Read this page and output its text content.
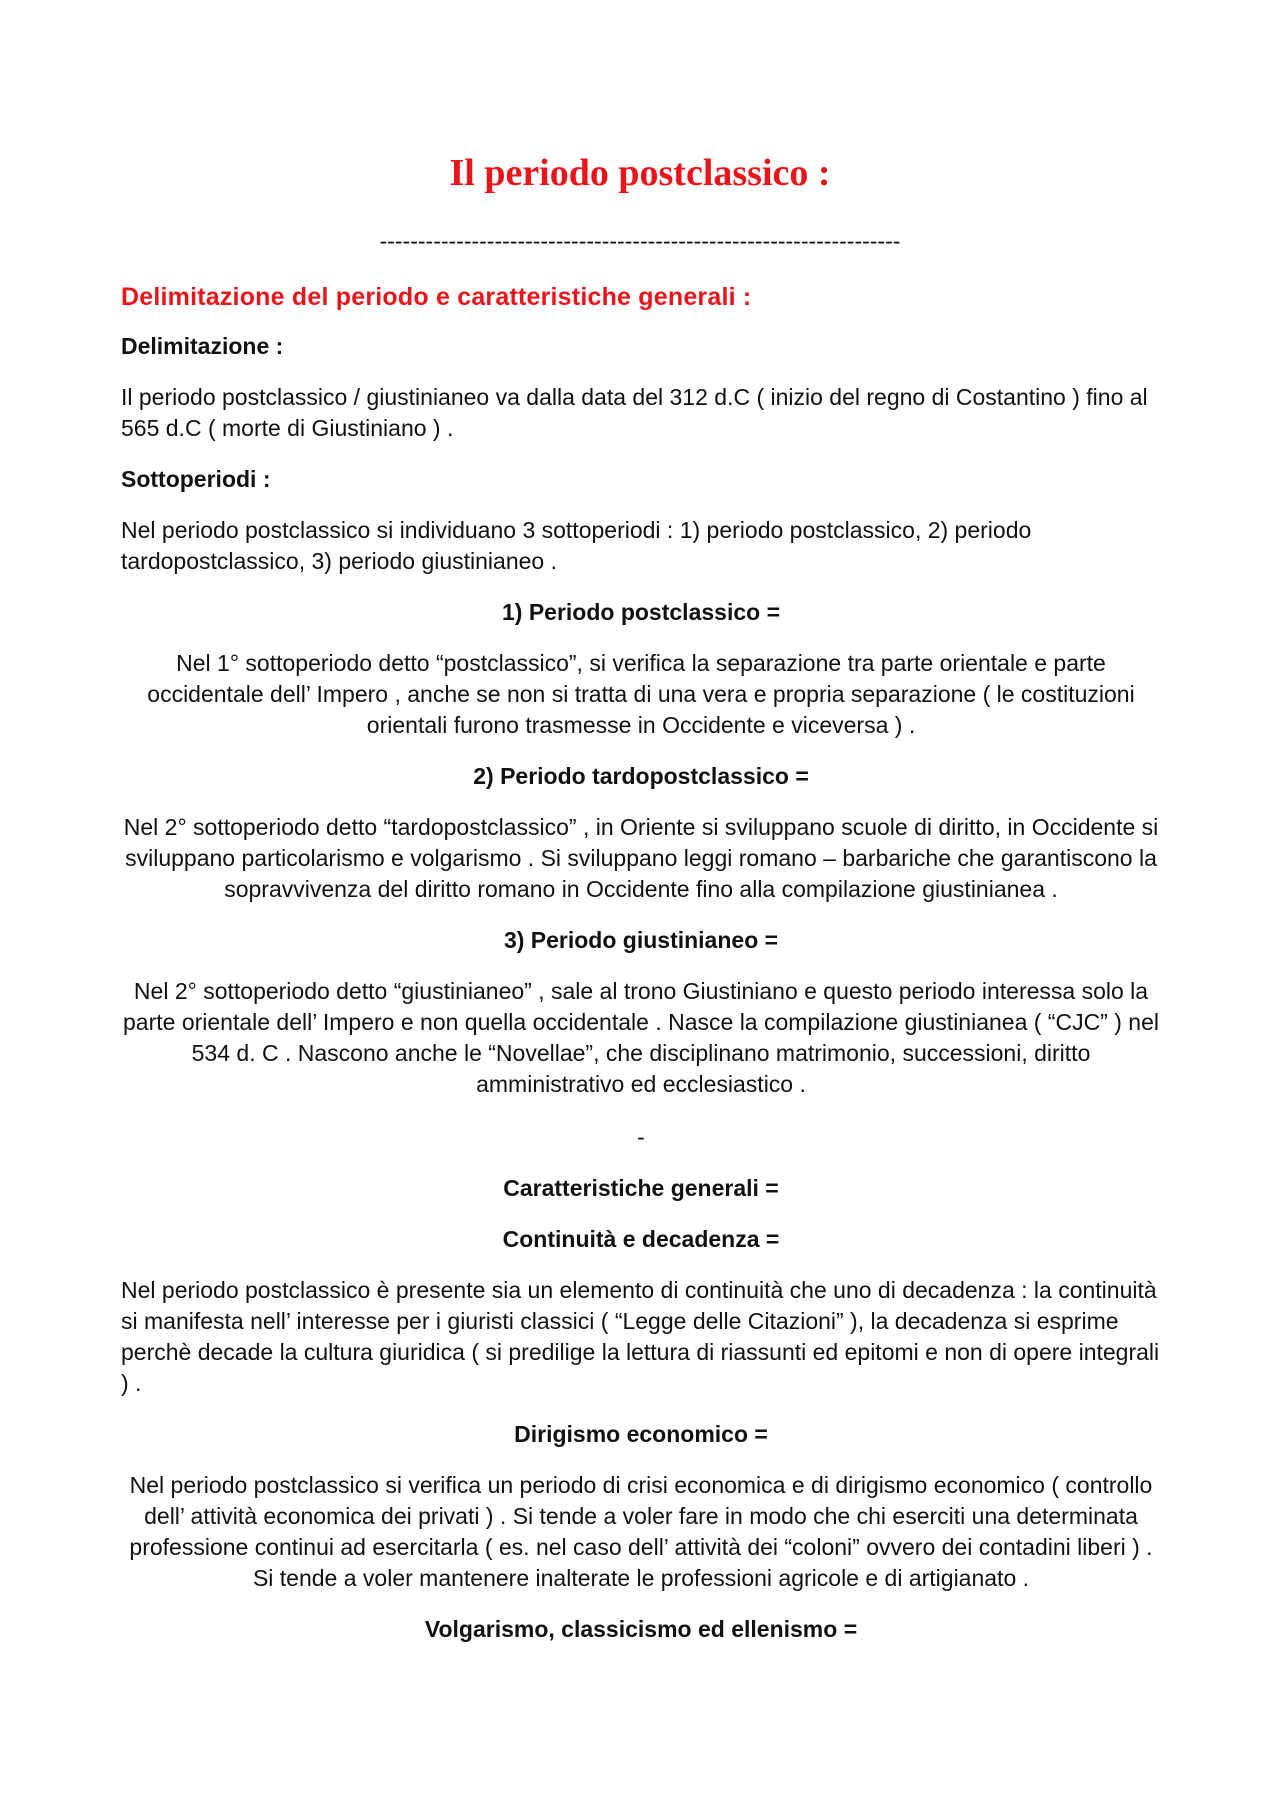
Il periodo postclassico :
--------------------------------------------------------------------
Delimitazione del periodo e caratteristiche generali :
Delimitazione :

Il periodo postclassico / giustinianeo va dalla data del 312 d.C ( inizio del regno di Costantino ) fino al 565 d.C ( morte di Giustiniano ) .

Sottoperiodi :

Nel periodo postclassico si individuano 3 sottoperiodi : 1) periodo postclassico, 2) periodo tardopostclassico, 3) periodo giustinianeo .

1) Periodo postclassico =

Nel 1° sottoperiodo detto “postclassico”, si verifica la separazione tra parte orientale e parte occidentale dell’ Impero , anche se non si tratta di una vera e propria separazione ( le costituzioni orientali furono trasmesse in Occidente e viceversa ) .

2) Periodo tardopostclassico =

Nel 2° sottoperiodo detto “tardopostclassico” , in Oriente si sviluppano scuole di diritto, in Occidente si sviluppano particolarismo e volgarismo . Si sviluppano leggi romano – barbariche che garantiscono la sopravvivenza del diritto romano in Occidente fino alla compilazione giustinianea .

3) Periodo giustinianeo =

Nel 2° sottoperiodo detto “giustinianeo” , sale al trono Giustiniano e questo periodo interessa solo la parte orientale dell’ Impero e non quella occidentale . Nasce la compilazione giustinianea ( “CJC” ) nel 534 d. C . Nascono anche le “Novellae”, che disciplinano matrimonio, successioni, diritto amministrativo ed ecclesiastico .

-
Caratteristiche generali =
Continuità e decadenza =

Nel periodo postclassico è presente sia un elemento di continuità che uno di decadenza : la continuità si manifesta nell’ interesse per i giuristi classici ( “Legge delle Citazioni” ), la decadenza si esprime perchè decade la cultura giuridica ( si predilige la lettura di riassunti ed epitomi e non di opere integrali ) .

Dirigismo economico =

Nel periodo postclassico si verifica un periodo di crisi economica e di dirigismo economico ( controllo dell’ attività economica dei privati ) . Si tende a voler fare in modo che chi eserciti una determinata professione continui ad esercitarla ( es. nel caso dell’ attività dei “coloni” ovvero dei contadini liberi ) . Si tende a voler mantenere inalterate le professioni agricole e di artigianato .

Volgarismo, classicismo ed ellenismo =
